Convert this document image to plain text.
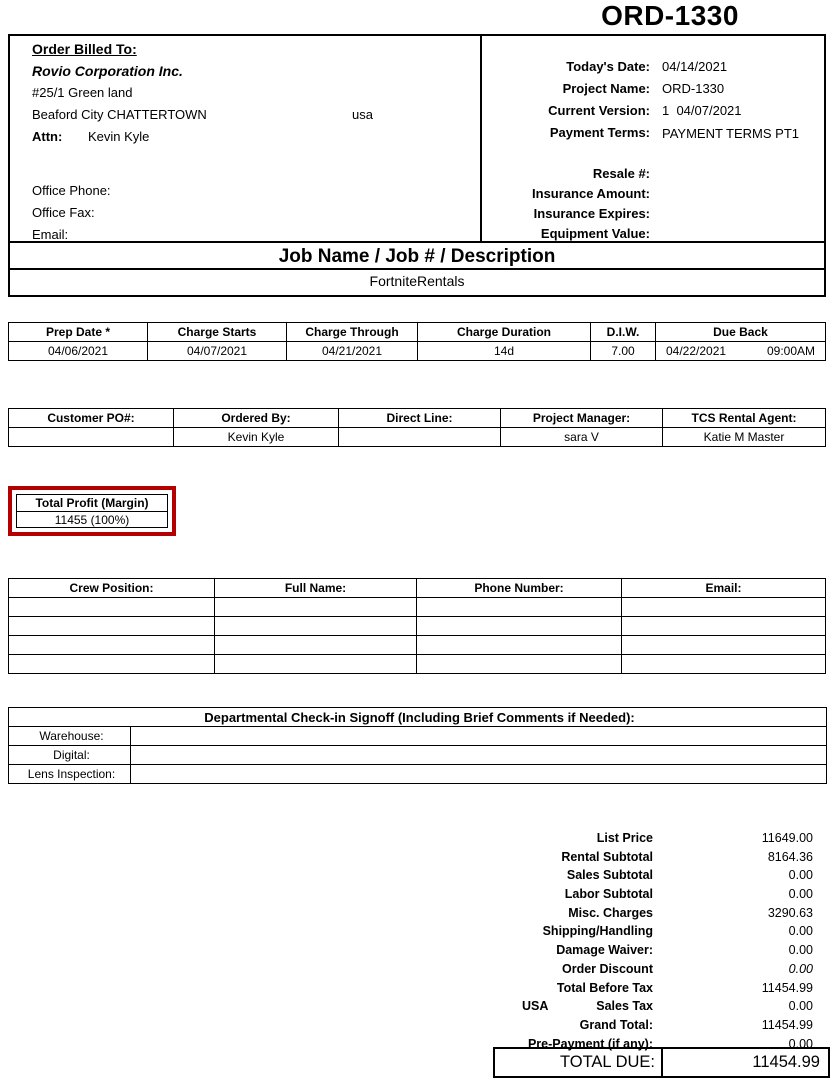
ORD-1330
Order Billed To:
Rovio Corporation Inc.
#25/1 Green land
Beaford City CHATTERTOWN	usa
Attn: Kevin Kyle
Office Phone:
Office Fax:
Email:
Today's Date: 04/14/2021
Project Name: ORD-1330
Current Version: 1  04/07/2021
Payment Terms: PAYMENT TERMS PT1
Resale #:
Insurance Amount:
Insurance Expires:
Equipment Value:
Job Name / Job # / Description
FortniteRentals
Prep Date *	Charge Starts	Charge Through	Charge Duration	D.I.W.	Due Back
04/06/2021	04/07/2021	04/21/2021	14d	7.00	04/22/2021 09:00AM
Customer PO#:	Ordered By:	Direct Line:	Project Manager:	TCS Rental Agent:
	Kevin Kyle		sara V	Katie M Master
Total Profit (Margin)
11455 (100%)
Crew Position:	Full Name:	Phone Number:	Email:

Departmental Check-in Signoff (Including Brief Comments if Needed):	
Warehouse:	
Digital:	
Lens Inspection:	
List Price	11649.00
Rental Subtotal	8164.36
Sales Subtotal	0.00
Labor Subtotal	0.00
Misc. Charges	3290.63
Shipping/Handling	0.00
Damage Waiver:	0.00
Order Discount	0.00
Total Before Tax	11454.99
USA	Sales Tax	0.00
Grand Total:	11454.99
Pre-Payment (if any):	0.00
TOTAL DUE:	11454.99
